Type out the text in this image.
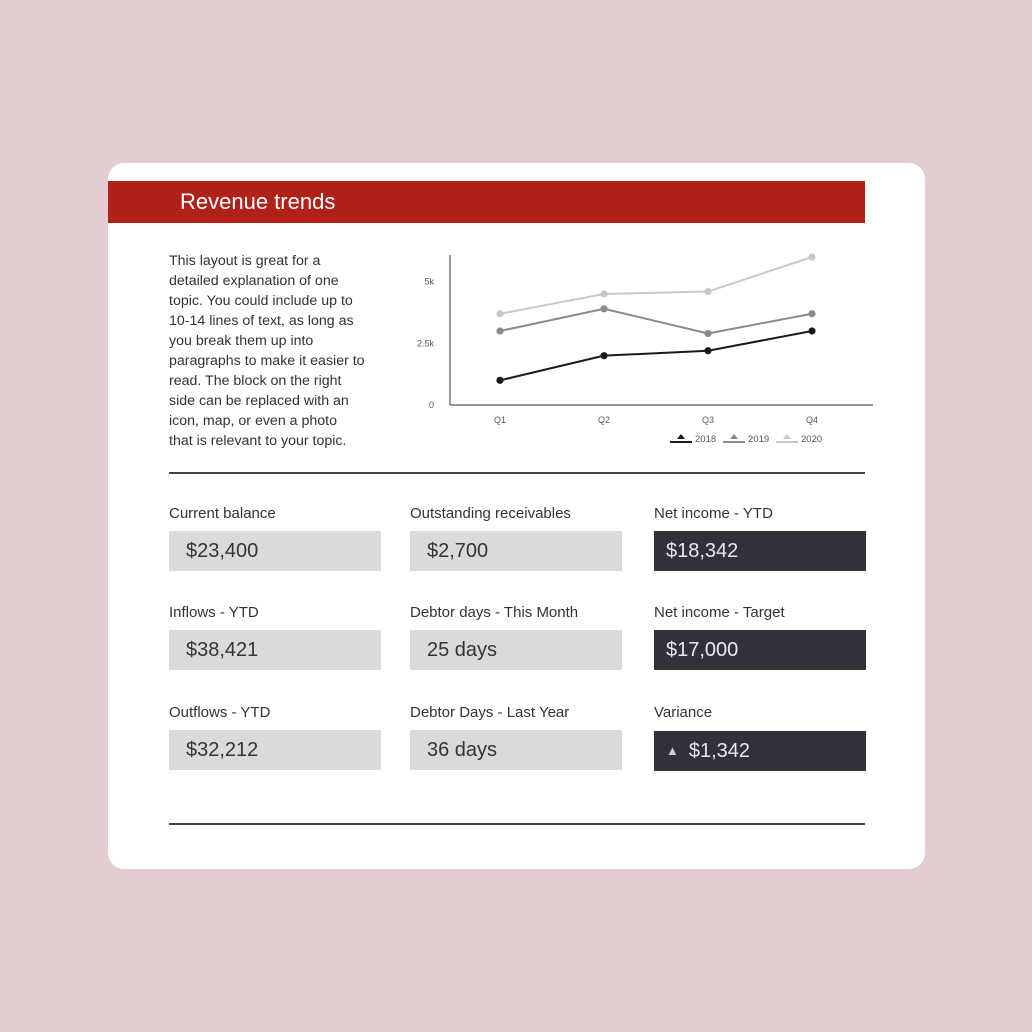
Revenue trends
This layout is great for a
detailed explanation of one
topic. You could include up to
10-14 lines of text, as long as
you break them up into
paragraphs to make it easier to
read. The block on the right
side can be replaced with an
icon, map, or even a photo
that is relevant to your topic.
0
2.5k
5k
Q1	Q2	Q3	Q4
2018	2019	2020
Current balance
$23,400
Outstanding receivables
$2,700
Net income - YTD
$18,342
Inflows - YTD
$38,421
Debtor days - This Month
25 days
Net income - Target
$17,000
Outflows - YTD
$32,212
Debtor Days - Last Year
36 days
Variance
▲ $1,342
